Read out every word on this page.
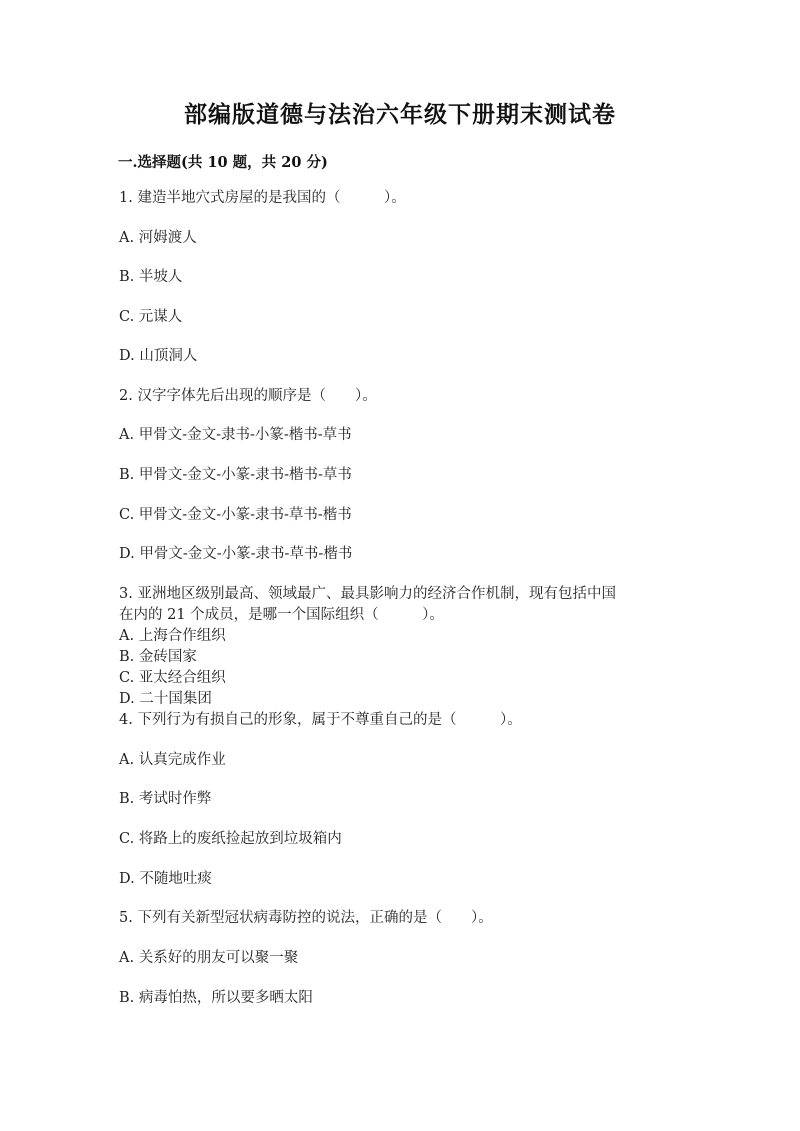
部编版道德与法治六年级下册期末测试卷
一.选择题(共 10 题，共 20 分)
1. 建造半地穴式房屋的是我国的（　　　）。
A. 河姆渡人
B. 半坡人
C. 元谋人
D. 山顶洞人
2. 汉字字体先后出现的顺序是（　　）。
A. 甲骨文-金文-隶书-小篆-楷书-草书
B. 甲骨文-金文-小篆-隶书-楷书-草书
C. 甲骨文-金文-小篆-隶书-草书-楷书
D. 甲骨文-金文-小篆-隶书-草书-楷书
3. 亚洲地区级别最高、领域最广、最具影响力的经济合作机制，现有包括中国
在内的 21 个成员，是哪一个国际组织（　　　）。
A. 上海合作组织
B. 金砖国家
C. 亚太经合组织
D. 二十国集团
4. 下列行为有损自己的形象，属于不尊重自己的是（　　　）。
A. 认真完成作业
B. 考试时作弊
C. 将路上的废纸捡起放到垃圾箱内
D. 不随地吐痰
5. 下列有关新型冠状病毒防控的说法，正确的是（　　）。
A. 关系好的朋友可以聚一聚
B. 病毒怕热，所以要多晒太阳
